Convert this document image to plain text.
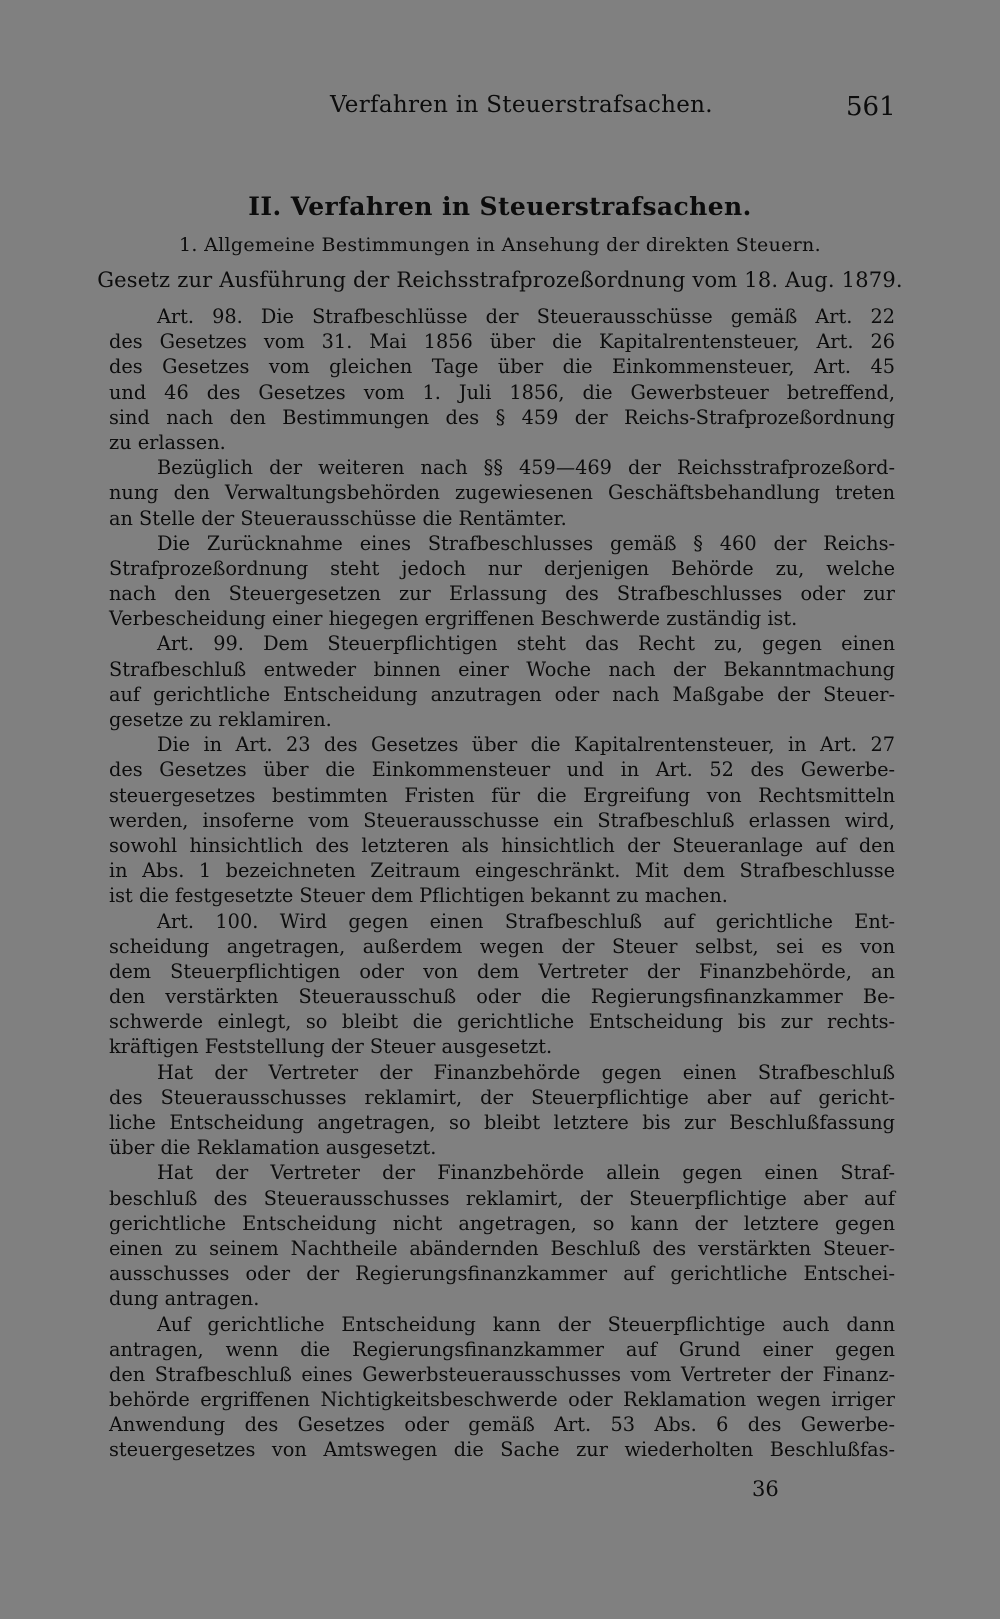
Verfahren in Steuerstrafsachen.	561
II. Verfahren in Steuerstrafsachen.
1. Allgemeine Bestimmungen in Ansehung der direkten Steuern.
Gesetz zur Ausführung der Reichsstrafprozeßordnung vom 18. Aug. 1879.
Art. 98. Die Strafbeschlüsse der Steuerausschüsse gemäß Art. 22
des Gesetzes vom 31. Mai 1856 über die Kapitalrentensteuer, Art. 26
des Gesetzes vom gleichen Tage über die Einkommensteuer, Art. 45
und 46 des Gesetzes vom 1. Juli 1856, die Gewerbsteuer betreffend,
sind nach den Bestimmungen des § 459 der Reichs-Strafprozeßordnung
zu erlassen.
Bezüglich der weiteren nach §§ 459—469 der Reichsstrafprozeßord-
nung den Verwaltungsbehörden zugewiesenen Geschäftsbehandlung treten
an Stelle der Steuerausschüsse die Rentämter.
Die Zurücknahme eines Strafbeschlusses gemäß § 460 der Reichs-
Strafprozeßordnung steht jedoch nur derjenigen Behörde zu, welche
nach den Steuergesetzen zur Erlassung des Strafbeschlusses oder zur
Verbescheidung einer hiegegen ergriffenen Beschwerde zuständig ist.
Art. 99. Dem Steuerpflichtigen steht das Recht zu, gegen einen
Strafbeschluß entweder binnen einer Woche nach der Bekanntmachung
auf gerichtliche Entscheidung anzutragen oder nach Maßgabe der Steuer-
gesetze zu reklamiren.
Die in Art. 23 des Gesetzes über die Kapitalrentensteuer, in Art. 27
des Gesetzes über die Einkommensteuer und in Art. 52 des Gewerbe-
steuergesetzes bestimmten Fristen für die Ergreifung von Rechtsmitteln
werden, insoferne vom Steuerausschusse ein Strafbeschluß erlassen wird,
sowohl hinsichtlich des letzteren als hinsichtlich der Steueranlage auf den
in Abs. 1 bezeichneten Zeitraum eingeschränkt. Mit dem Strafbeschlusse
ist die festgesetzte Steuer dem Pflichtigen bekannt zu machen.
Art. 100. Wird gegen einen Strafbeschluß auf gerichtliche Ent-
scheidung angetragen, außerdem wegen der Steuer selbst, sei es von
dem Steuerpflichtigen oder von dem Vertreter der Finanzbehörde, an
den verstärkten Steuerausschuß oder die Regierungsfinanzkammer Be-
schwerde einlegt, so bleibt die gerichtliche Entscheidung bis zur rechts-
kräftigen Feststellung der Steuer ausgesetzt.
Hat der Vertreter der Finanzbehörde gegen einen Strafbeschluß
des Steuerausschusses reklamirt, der Steuerpflichtige aber auf gericht-
liche Entscheidung angetragen, so bleibt letztere bis zur Beschlußfassung
über die Reklamation ausgesetzt.
Hat der Vertreter der Finanzbehörde allein gegen einen Straf-
beschluß des Steuerausschusses reklamirt, der Steuerpflichtige aber auf
gerichtliche Entscheidung nicht angetragen, so kann der letztere gegen
einen zu seinem Nachtheile abändernden Beschluß des verstärkten Steuer-
ausschusses oder der Regierungsfinanzkammer auf gerichtliche Entschei-
dung antragen.
Auf gerichtliche Entscheidung kann der Steuerpflichtige auch dann
antragen, wenn die Regierungsfinanzkammer auf Grund einer gegen
den Strafbeschluß eines Gewerbsteuerausschusses vom Vertreter der Finanz-
behörde ergriffenen Nichtigkeitsbeschwerde oder Reklamation wegen irriger
Anwendung des Gesetzes oder gemäß Art. 53 Abs. 6 des Gewerbe-
steuergesetzes von Amtswegen die Sache zur wiederholten Beschlußfas-
36
